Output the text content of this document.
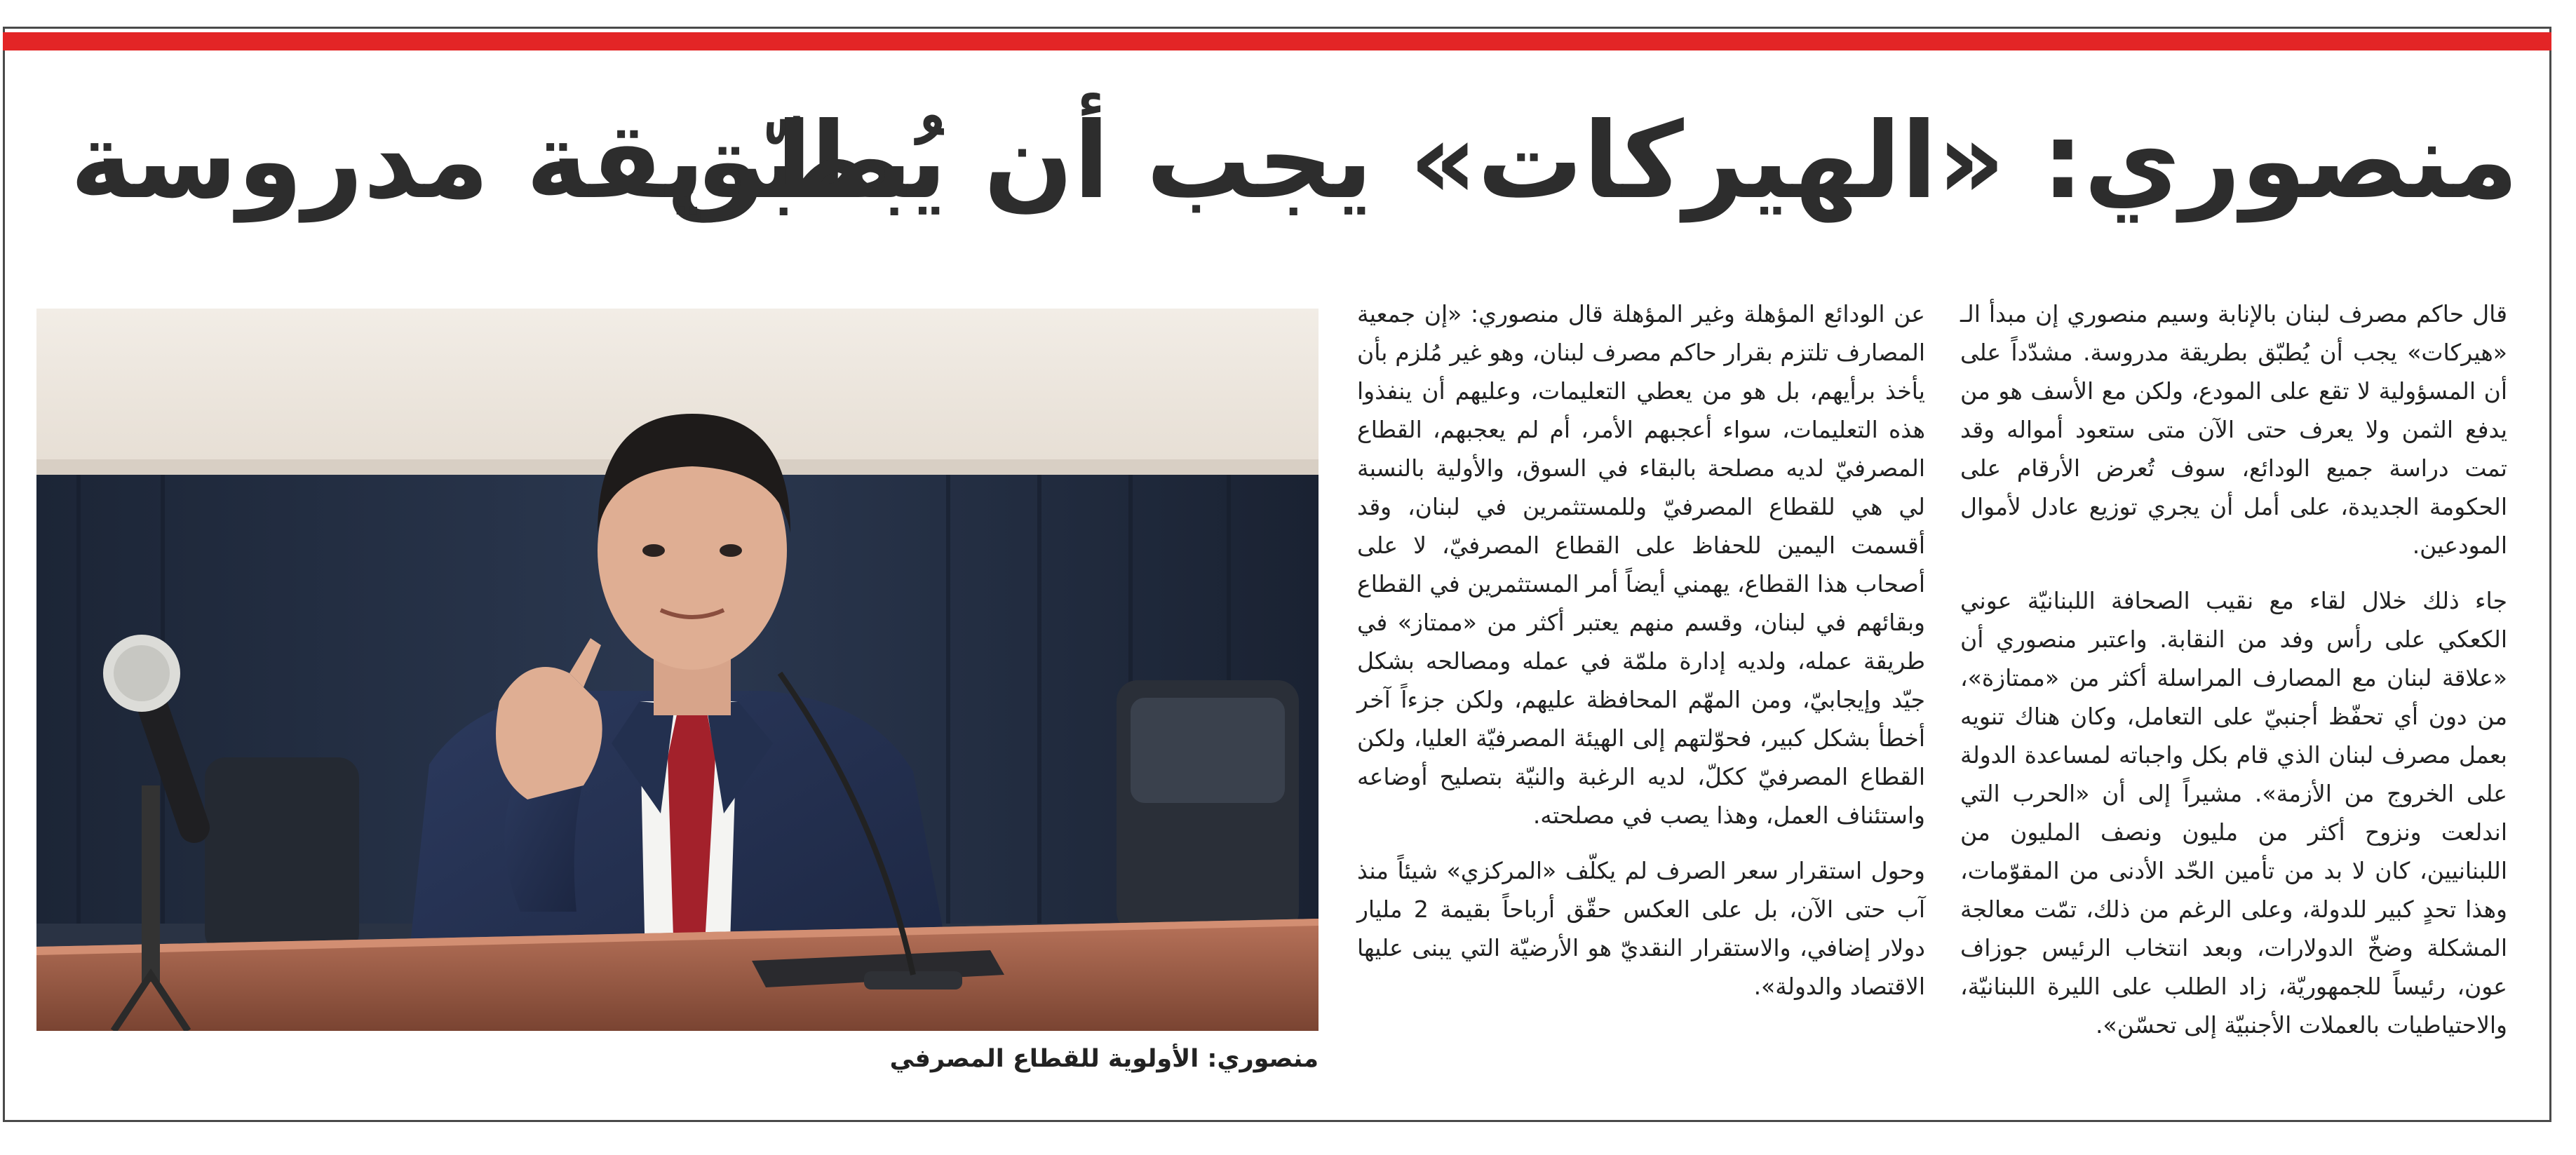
منصوري: «الهيركات» يجب أن يُطبّق
بطريقة مدروسة

قال حاكم مصرف لبنان بالإنابة وسيم منصوري إن مبدأ الـ «هيركات» يجب أن يُطبّق بطريقة مدروسة. مشدّداً على أن المسؤولية لا تقع على المودع، ولكن مع الأسف هو من يدفع الثمن ولا يعرف حتى الآن متى ستعود أمواله وقد تمت دراسة جميع الودائع، سوف تُعرض الأرقام على الحكومة الجديدة، على أمل أن يجري توزيع عادل لأموال المودعين.

جاء ذلك خلال لقاء مع نقيب الصحافة اللبنانيّة عوني الكعكي على رأس وفد من النقابة. واعتبر منصوري أن «علاقة لبنان مع المصارف المراسلة أكثر من «ممتازة»، من دون أي تحفّظ أجنبيّ على التعامل، وكان هناك تنويه بعمل مصرف لبنان الذي قام بكل واجباته لمساعدة الدولة على الخروج من الأزمة». مشيراً إلى أن «الحرب التي اندلعت ونزوح أكثر من مليون ونصف المليون من اللبنانيين، كان لا بد من تأمين الحّد الأدنى من المقوّمات، وهذا تحدٍ كبير للدولة، وعلى الرغم من ذلك، تمّت معالجة المشكلة وضخّ الدولارات، وبعد انتخاب الرئيس جوزاف عون، رئيساً للجمهوريّة، زاد الطلب على الليرة اللبنانيّة، والاحتياطيات بالعملات الأجنبيّة إلى تحسّن».

عن الودائع المؤهلة وغير المؤهلة قال منصوري: «إن جمعية المصارف تلتزم بقرار حاكم مصرف لبنان، وهو غير مُلزم بأن يأخذ برأيهم، بل هو من يعطي التعليمات، وعليهم أن ينفذوا هذه التعليمات، سواء أعجبهم الأمر، أم لم يعجبهم، القطاع المصرفيّ لديه مصلحة بالبقاء في السوق، والأولية بالنسبة لي هي للقطاع المصرفيّ وللمستثمرين في لبنان، وقد أقسمت اليمين للحفاظ على القطاع المصرفيّ، لا على أصحاب هذا القطاع، يهمني أيضاً أمر المستثمرين في القطاع وبقائهم في لبنان، وقسم منهم يعتبر أكثر من «ممتاز» في طريقة عمله، ولديه إدارة ملمّة في عمله ومصالحه بشكل جيّد وإيجابيّ، ومن المهّم المحافظة عليهم، ولكن جزءاً آخر أخطأ بشكل كبير، فحوّلتهم إلى الهيئة المصرفيّة العليا، ولكن القطاع المصرفيّ ككلّ، لديه الرغبة والنيّة بتصليح أوضاعه واستئناف العمل، وهذا يصب في مصلحته.

وحول استقرار سعر الصرف لم يكلّف «المركزي» شيئاً منذ آب حتى الآن، بل على العكس حقّق أرباحاً بقيمة 2 مليار دولار إضافي، والاستقرار النقديّ هو الأرضيّة التي يبنى عليها الاقتصاد والدولة».

منصوري: الأولوية للقطاع المصرفي
